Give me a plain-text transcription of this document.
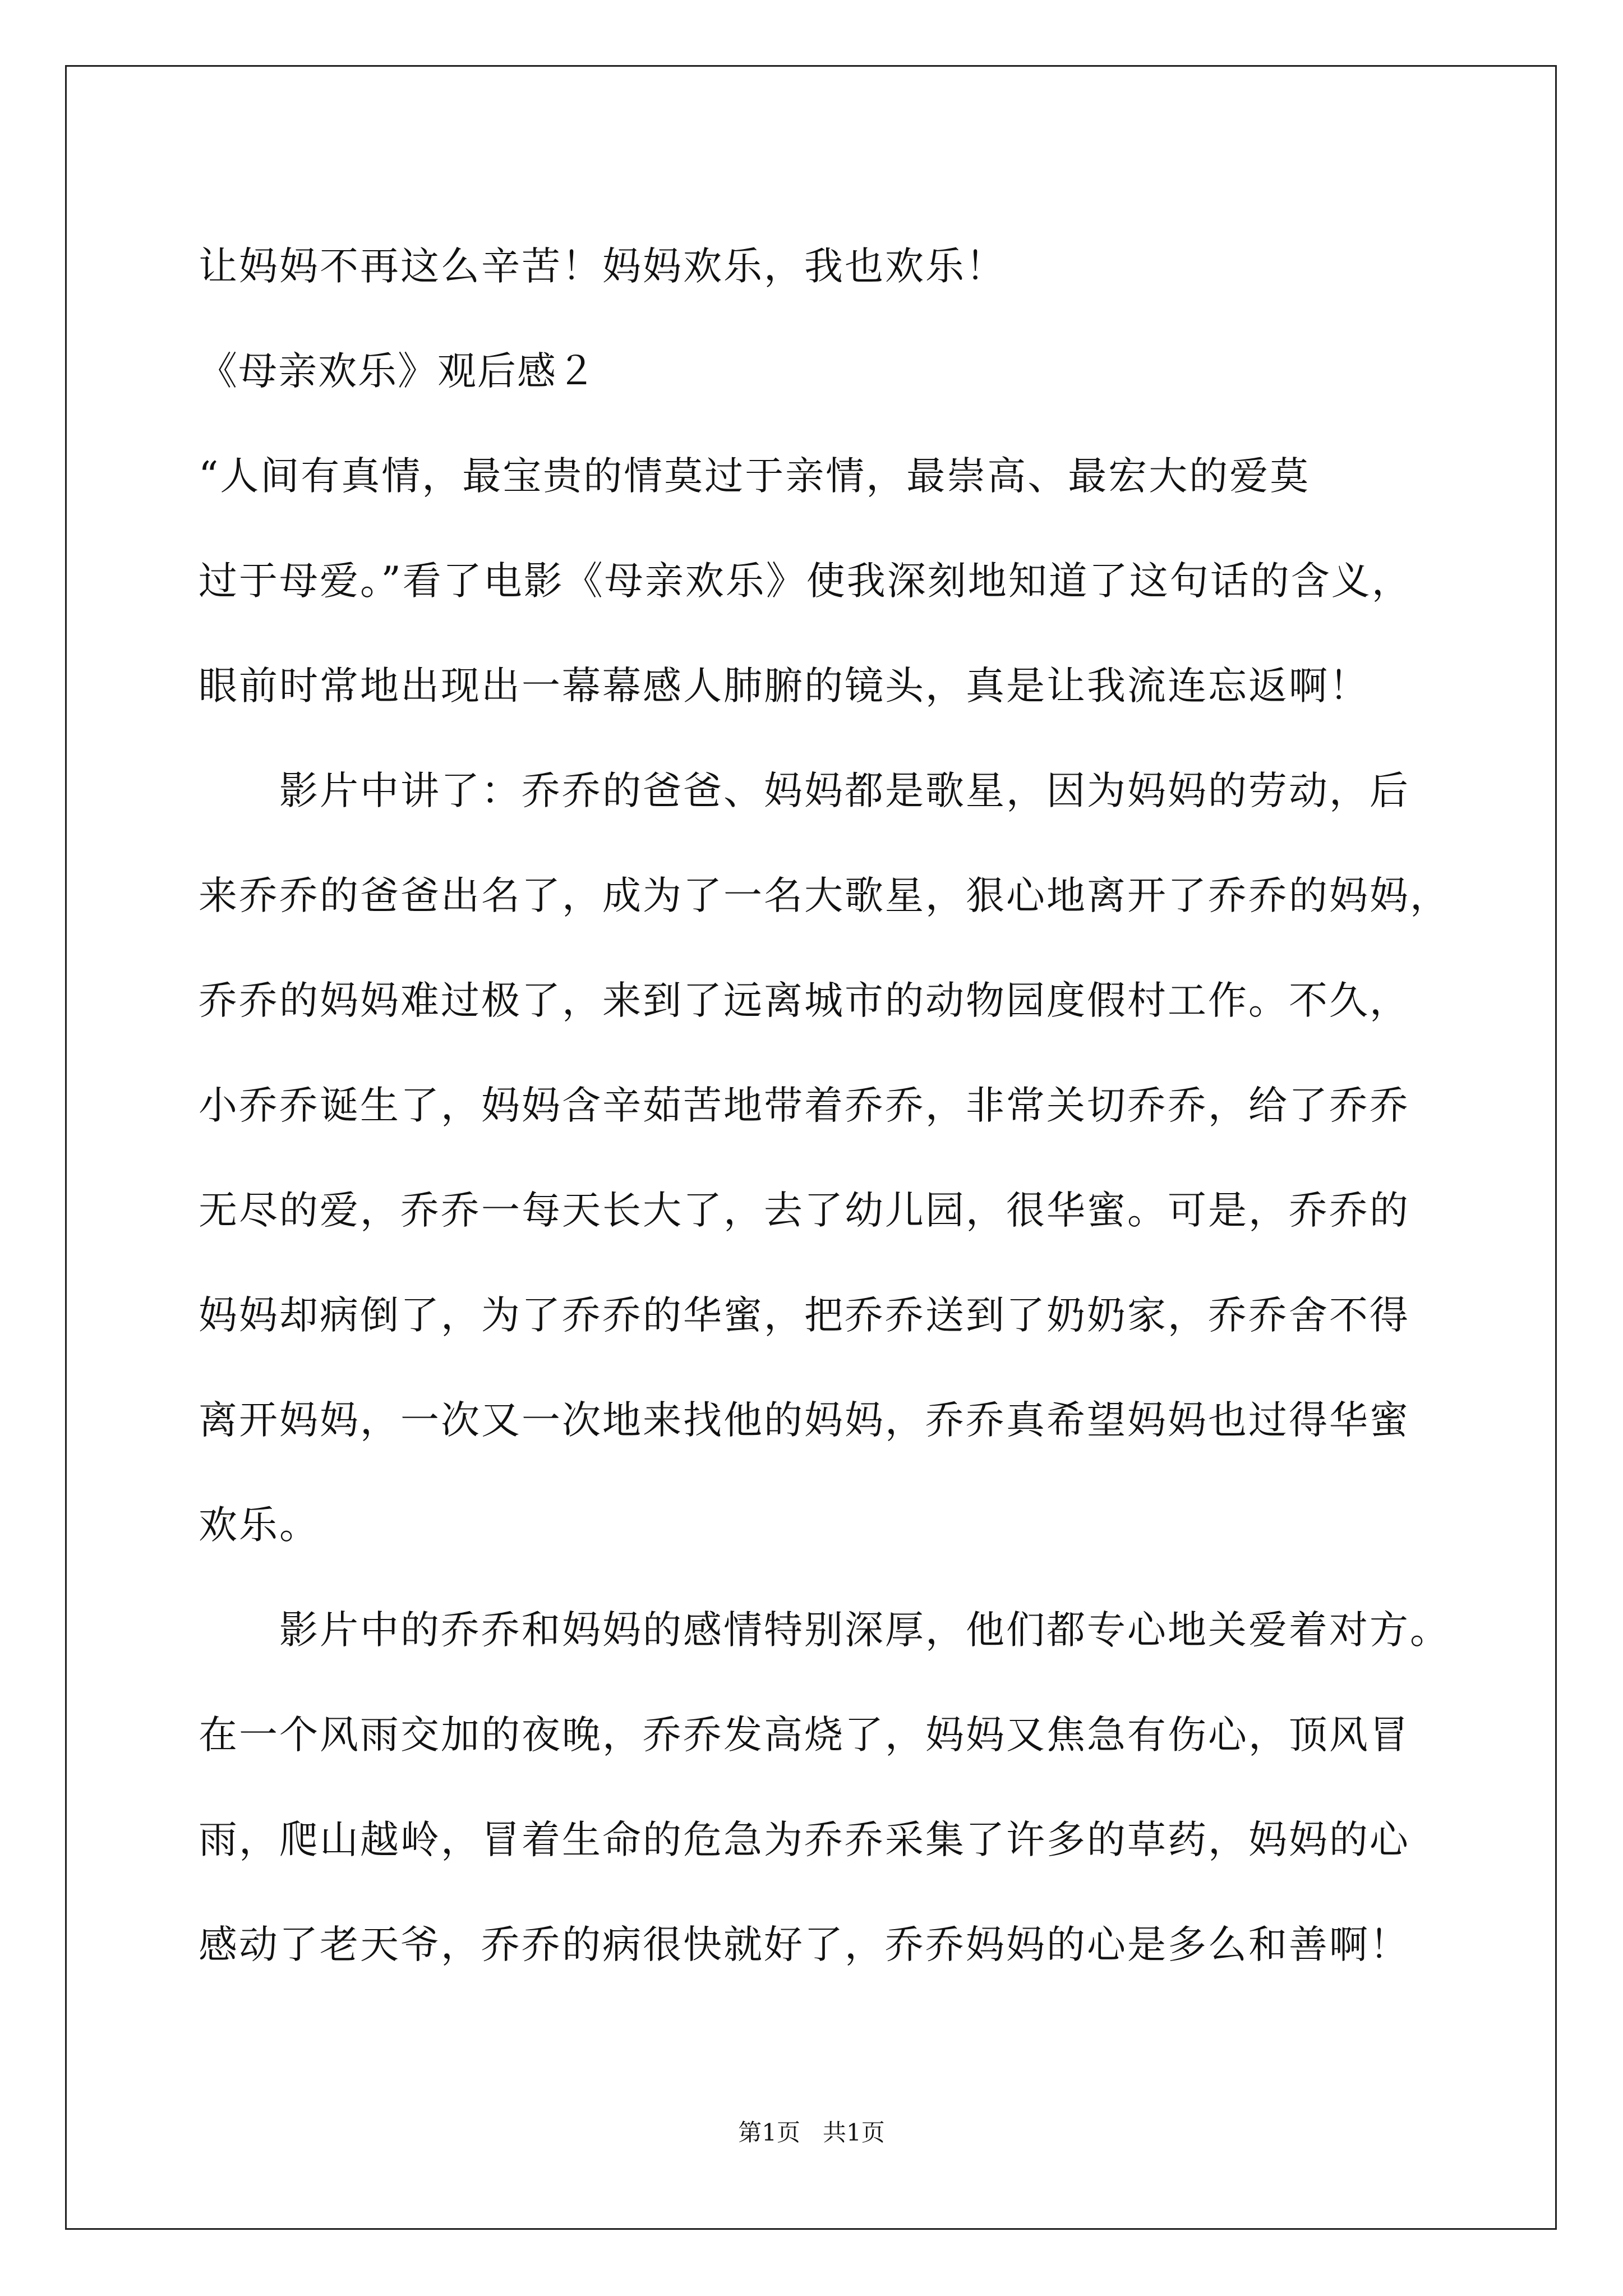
让妈妈不再这么辛苦！妈妈欢乐，我也欢乐！
《母亲欢乐》观后感２
“人间有真情，最宝贵的情莫过于亲情，最崇高、最宏大的爱莫
过于母爱。”看了电影《母亲欢乐》使我深刻地知道了这句话的含义，
眼前时常地出现出一幕幕感人肺腑的镜头，真是让我流连忘返啊！
　　影片中讲了：乔乔的爸爸、妈妈都是歌星，因为妈妈的劳动，后
来乔乔的爸爸出名了，成为了一名大歌星，狠心地离开了乔乔的妈妈，
乔乔的妈妈难过极了，来到了远离城市的动物园度假村工作。不久，
小乔乔诞生了，妈妈含辛茹苦地带着乔乔，非常关切乔乔，给了乔乔
无尽的爱，乔乔一每天长大了，去了幼儿园，很华蜜。可是，乔乔的
妈妈却病倒了，为了乔乔的华蜜，把乔乔送到了奶奶家，乔乔舍不得
离开妈妈，一次又一次地来找他的妈妈，乔乔真希望妈妈也过得华蜜
欢乐。
　　影片中的乔乔和妈妈的感情特别深厚，他们都专心地关爱着对方。
在一个风雨交加的夜晚，乔乔发高烧了，妈妈又焦急有伤心，顶风冒
雨，爬山越岭，冒着生命的危急为乔乔采集了许多的草药，妈妈的心
感动了老天爷，乔乔的病很快就好了，乔乔妈妈的心是多么和善啊！
第1页   共1页
